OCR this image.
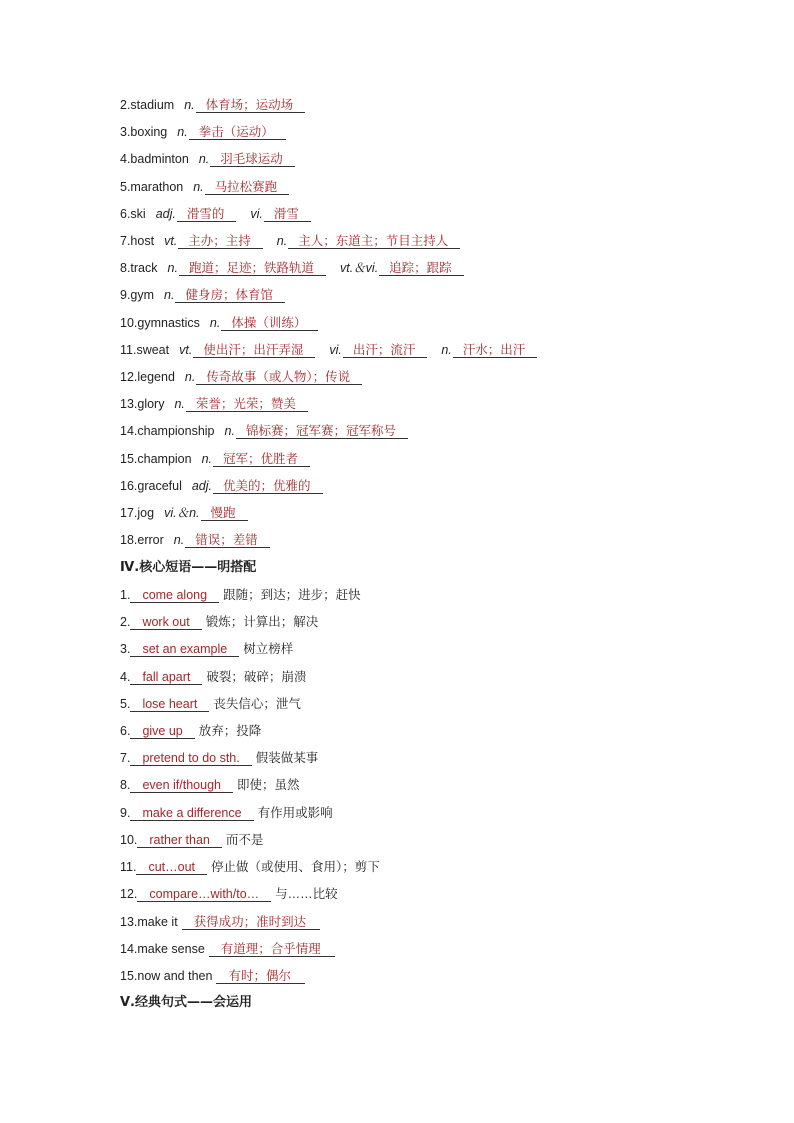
2.stadium n. 体育场；运动场
3.boxing n. 拳击（运动）
4.badminton n. 羽毛球运动
5.marathon n. 马拉松赛跑
6.ski adj. 滑雪的 vi. 滑雪
7.host vt. 主办；主持 n. 主人；东道主；节目主持人
8.track n. 跑道；足迹；铁路轨道 vt.＆vi. 追踪；跟踪
9.gym n. 健身房；体育馆
10.gymnastics n. 体操（训练）
11.sweat vt. 使出汗；出汗弄湿 vi. 出汗；流汗 n. 汗水；出汗
12.legend n. 传奇故事（或人物）；传说
13.glory n. 荣誉；光荣；赞美
14.championship n. 锦标赛；冠军赛；冠军称号
15.champion n. 冠军；优胜者
16.graceful adj. 优美的；优雅的
17.jog vi.＆n. 慢跑
18.error n. 错误；差错
Ⅳ.核心短语——明搭配
1. come along 跟随；到达；进步；赶快
2. work out 锻炼；计算出；解决
3. set an example 树立榜样
4. fall apart 破裂；破碎；崩溃
5. lose heart 丧失信心；泄气
6. give up 放弃；投降
7. pretend to do sth. 假装做某事
8. even if/though 即使；虽然
9. make a difference 有作用或影响
10. rather than 而不是
11. cut…out 停止做（或使用、食用）；剪下
12. compare…with/to… 与……比较
13.make it 获得成功；准时到达
14.make sense 有道理；合乎情理
15.now and then 有时；偶尔
Ⅴ.经典句式——会运用
